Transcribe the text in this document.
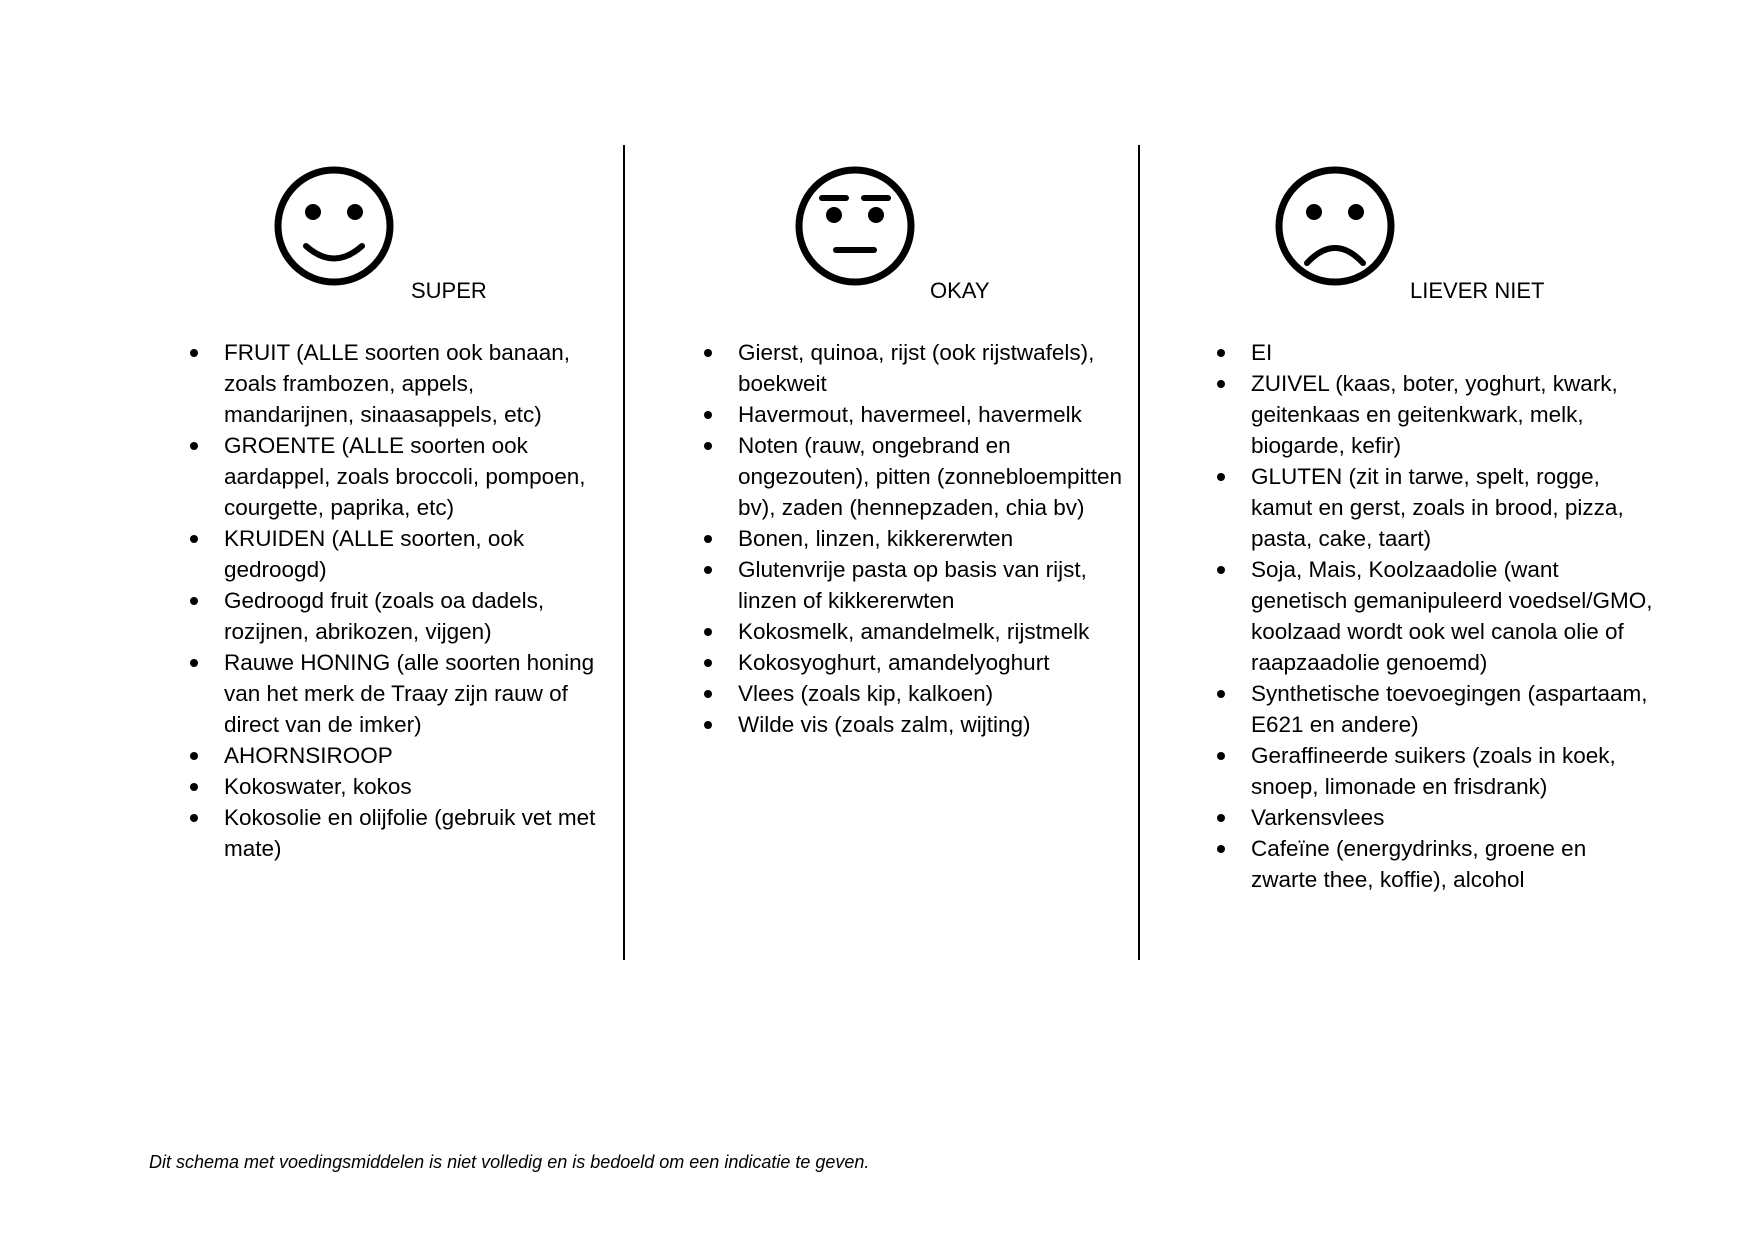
SUPER
FRUIT (ALLE soorten ook banaan, zoals frambozen, appels, mandarijnen, sinaasappels, etc)
GROENTE (ALLE soorten ook aardappel, zoals broccoli, pompoen, courgette, paprika, etc)
KRUIDEN (ALLE soorten, ook gedroogd)
Gedroogd fruit (zoals oa dadels, rozijnen, abrikozen, vijgen)
Rauwe HONING (alle soorten honing van het merk de Traay zijn rauw of direct van de imker)
AHORNSIROOP
Kokoswater, kokos
Kokosolie en olijfolie (gebruik vet met mate)
OKAY
Gierst, quinoa, rijst (ook rijstwafels), boekweit
Havermout, havermeel, havermelk
Noten (rauw, ongebrand en ongezouten), pitten (zonnebloempitten bv), zaden (hennepzaden, chia bv)
Bonen, linzen, kikkererwten
Glutenvrije pasta op basis van rijst, linzen of kikkererwten
Kokosmelk, amandelmelk, rijstmelk
Kokosyoghurt, amandelyoghurt
Vlees (zoals kip, kalkoen)
Wilde vis (zoals zalm, wijting)
LIEVER NIET
EI
ZUIVEL (kaas, boter, yoghurt, kwark, geitenkaas en geitenkwark, melk, biogarde, kefir)
GLUTEN (zit in tarwe, spelt, rogge, kamut en gerst, zoals in brood, pizza, pasta, cake, taart)
Soja, Mais, Koolzaadolie (want genetisch gemanipuleerd voedsel/GMO, koolzaad wordt ook wel canola olie of raapzaadolie genoemd)
Synthetische toevoegingen (aspartaam, E621 en andere)
Geraffineerde suikers (zoals in koek, snoep, limonade en frisdrank)
Varkensvlees
Cafeïne (energydrinks, groene en zwarte thee, koffie), alcohol
Dit schema met voedingsmiddelen is niet volledig en is bedoeld om een indicatie te geven.
